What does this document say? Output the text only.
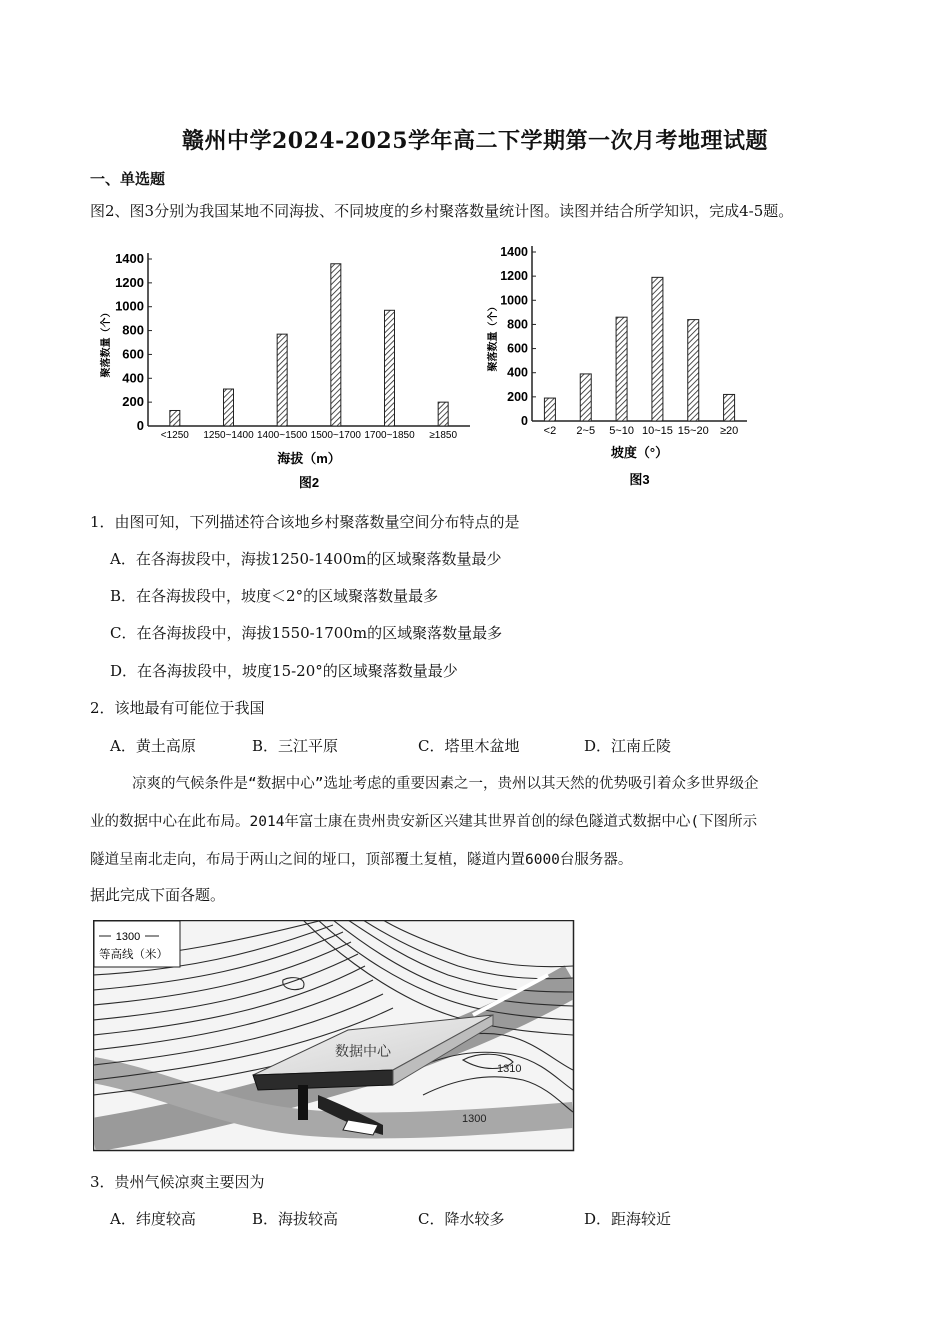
赣州中学2024-2025学年高二下学期第一次月考地理试题
一、单选题
图2、图3分别为我国某地不同海拔、不同坡度的乡村聚落数量统计图。读图并结合所学知识，完成4-5题。
0
200
400
600
800
1000
1200
1400
<1250 1250~1400 1400~1500 1500~1700 1700~1850 ≥1850
聚落数量（个）
海拔（m）
图2
0
200
400
600
800
1000
1200
1400
<2 2~5 5~10 10~15 15~20 ≥20
聚落数量（个）
坡度（°）
图3
1．由图可知，下列描述符合该地乡村聚落数量空间分布特点的是
A．在各海拔段中，海拔1250-1400m的区域聚落数量最少
B．在各海拔段中，坡度＜2°的区域聚落数量最多
C．在各海拔段中，海拔1550-1700m的区域聚落数量最多
D．在各海拔段中，坡度15-20°的区域聚落数量最少
2．该地最有可能位于我国
A．黄土高原	B．三江平原	C．塔里木盆地	D．江南丘陵
凉爽的气候条件是“数据中心”选址考虑的重要因素之一，贵州以其天然的优势吸引着众多世界级企
业的数据中心在此布局。2014年富士康在贵州贵安新区兴建其世界首创的绿色隧道式数据中心(下图所示
隧道呈南北走向，布局于两山之间的垭口，顶部覆土复植，隧道内置6000台服务器。
据此完成下面各题。
1300
等高线（米）
数据中心
1310
1300
3．贵州气候凉爽主要因为
A．纬度较高	B．海拔较高	C．降水较多	D．距海较近
